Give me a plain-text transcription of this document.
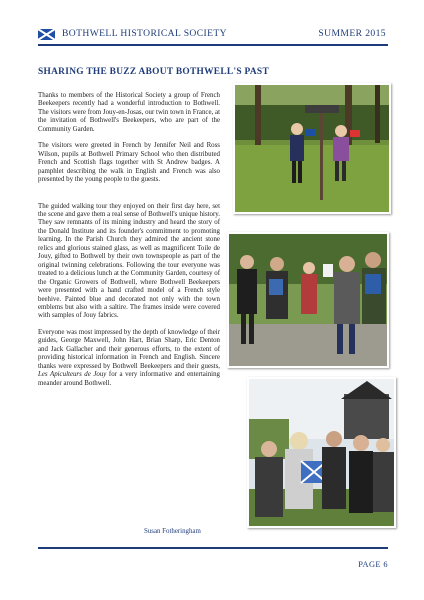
BOTHWELL HISTORICAL SOCIETY	SUMMER 2015
SHARING THE BUZZ ABOUT BOTHWELL'S PAST

Thanks to members of the Historical Society a group of French Beekeepers recently had a wonderful introduction to Bothwell. The visitors were from Jouy-en-Josas, our twin town in France, at the invitation of Bothwell's Beekeepers, who are part of the Community Garden.

The visitors were greeted in French by Jennifer Neil and Ross Wilson, pupils at Bothwell Primary School who then distributed French and Scottish flags together with St Andrew badges. A pamphlet describing the walk in English and French was also presented by the young people to the guests.

The guided walking tour they enjoyed on their first day here, set the scene and gave them a real sense of Bothwell's unique history. They saw remnants of its mining industry and heard the story of the Donald Institute and its founder's commitment to promoting learning. In the Parish Church they admired the ancient stone relics and glorious stained glass, as well as magnificent Toile de Jouy, gifted to Bothwell by their own townspeople as part of the original twinning celebrations. Following the tour everyone was treated to a delicious lunch at the Community Garden, courtesy of the Organic Growers of Bothwell, where Bothwell Beekeepers were presented with a hand crafted model of a French style beehive. Painted blue and decorated not only with the town emblems but also with a saltire. The frames inside were covered with samples of Jouy fabrics.

Everyone was most impressed by the depth of knowledge of their guides, George Maxwell, John Hart, Brian Sharp, Eric Denton and Jack Gallacher and their generous efforts, to the extent of providing historical information in French and English. Sincere thanks were expressed by Bothwell Beekeepers and their guests, Les Apiculteurs de Jouy for a very informative and entertaining meander around Bothwell.

Susan Fotheringham
PAGE 6
